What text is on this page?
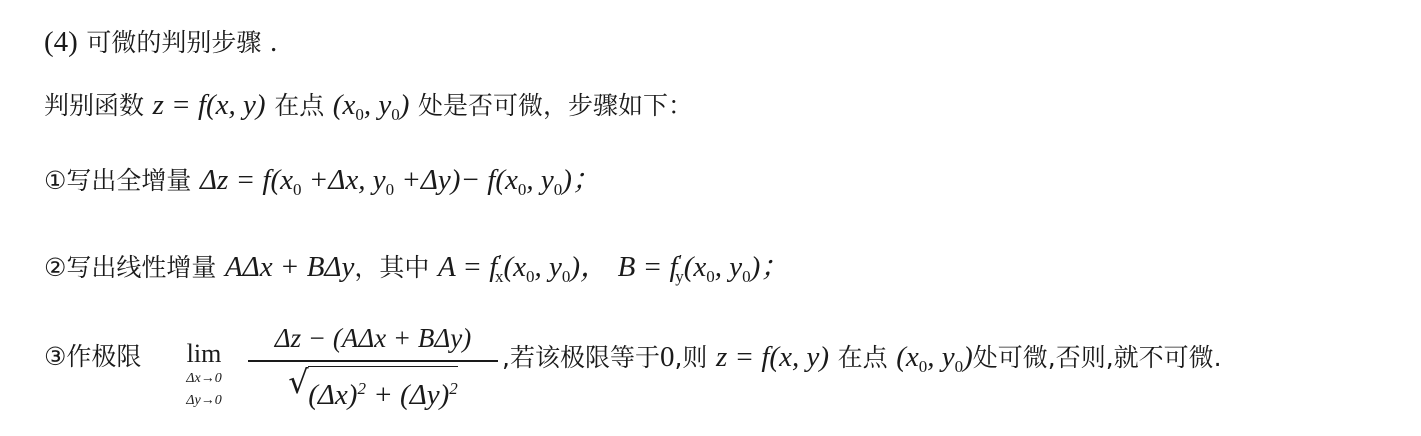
(4) 可微的判别步骤 .
判别函数 z = f(x, y) 在点 ($x_0$, $y_0$) 处是否可微，步骤如下：
①写出全增量 $\Delta z = f(x_0 +\Delta x$, $y_0 +\Delta y)- f(x_0$, $y_0$)；
②写出线性增量 AΔx + BΔy，其中 $A = f'_x(x_0$, $y_0$)， $B = f'_y(x_0$, $y_0$)；
③作极限	lim
Δx→0
Δy→0
Δz − (AΔx + BΔy)
√ $(\Delta x)^2 + (\Delta y)^2$
,若该极限等于0,则 z = f(x, y) 在点 ($x_0$, $y_0$)处可微,否则,就不可微.
